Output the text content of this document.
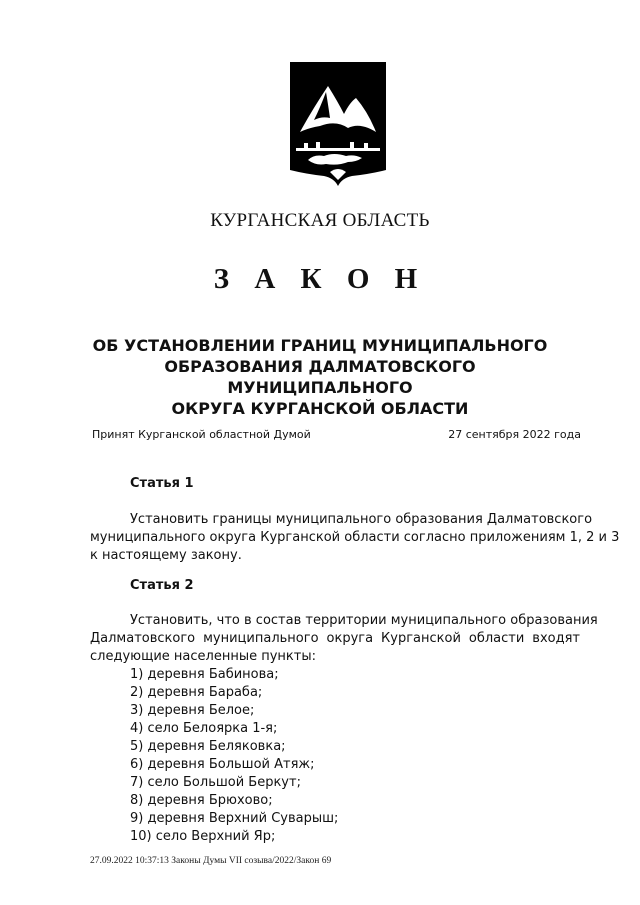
КУРГАНСКАЯ ОБЛАСТЬ
З А К О Н
ОБ УСТАНОВЛЕНИИ ГРАНИЦ МУНИЦИПАЛЬНОГО
ОБРАЗОВАНИЯ ДАЛМАТОВСКОГО МУНИЦИПАЛЬНОГО
ОКРУГА КУРГАНСКОЙ ОБЛАСТИ
Принят Курганской областной Думой	27 сентября 2022 года
Статья 1
Установить границы муниципального образования Далматовского
муниципального округа Курганской области согласно приложениям 1, 2 и 3
к настоящему закону.
Статья 2
Установить, что в состав территории муниципального образования
Далматовского муниципального округа Курганской области входят
следующие населенные пункты:
1) деревня Бабинова;
2) деревня Бараба;
3) деревня Белое;
4) село Белоярка 1-я;
5) деревня Беляковка;
6) деревня Большой Атяж;
7) село Большой Беркут;
8) деревня Брюхово;
9) деревня Верхний Суварыш;
10) село Верхний Яр;
27.09.2022 10:37:13 Законы Думы VII созыва/2022/Закон 69
